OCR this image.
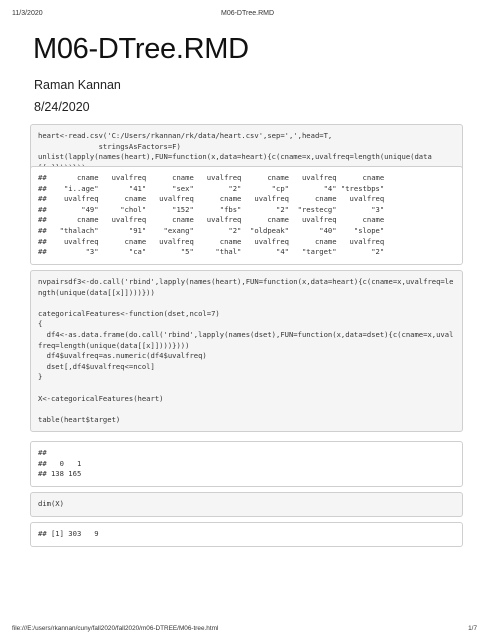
11/3/2020	M06-DTree.RMD
M06-DTree.RMD
Raman Kannan
8/24/2020
heart<-read.csv('C:/Users/rkannan/rk/data/heart.csv',sep=',',head=T,
stringsAsFactors=F)
unlist(lapply(names(heart),FUN=function(x,data=heart){c(cname=x,uvalfreq=length(unique(data
##       cname   uvalfreq      cname   uvalfreq      cname   uvalfreq      cname
##    "i..age"       "41"      "sex"        "2"       "cp"        "4" "trestbps"
##    uvalfreq      cname   uvalfreq      cname   uvalfreq      cname   uvalfreq
##        "49"     "chol"      "152"      "fbs"        "2"  "restecg"        "3"
##       cname   uvalfreq      cname   uvalfreq      cname   uvalfreq      cname
##   "thalach"       "91"    "exang"        "2"  "oldpeak"       "40"    "slope"
##    uvalfreq      cname   uvalfreq      cname   uvalfreq      cname   uvalfreq
##         "3"       "ca"        "5"     "thal"        "4"   "target"        "2"
nvpairsdf3<-do.call('rbind',lapply(names(heart),FUN=function(x,data=heart){c(cname=x,uvalfreq=length(unique(data[[x]])))}))

categoricalFeatures<-function(dset,ncol=7)
{
df4<-as.data.frame(do.call('rbind',lapply(names(dset),FUN=function(x,data=dset){c(cname=x,uvalfreq=length(unique(data[[x]])))})))
df4$uvalfreq=as.numeric(df4$uvalfreq)
dset[,df4$uvalfreq<=ncol]
}

X<-categoricalFeatures(heart)

table(heart$target)
##
##   0   1
## 138 165
dim(X)
## [1] 303   9
file:///E:/users/rkannan/cuny/fall2020/fall2020/m06-DTREE/M06-tree.html	1/7
